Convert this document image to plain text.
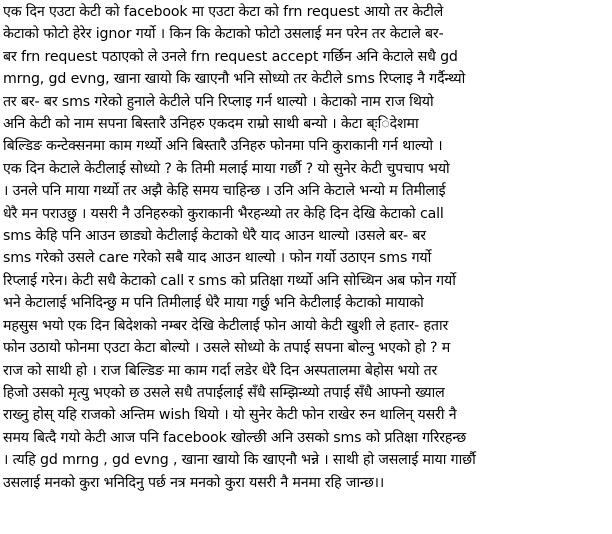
एक दिन एउटा केटी को facebook मा एउटा केटा को frn request आयो तर केटीले
केटाको फोटो हेरेर ignor गर्यो । किन कि केटाको फोटो उसलाई मन परेन तर केटाले बर-
बर frn request पठाएको ले उनले frn request accept गर्छिन अनि केटाले सधै gd
mrng, gd evng, खाना खायो कि खाएनौ भनि सोध्यो तर केटीले sms रिप्लाइ नै गर्दैन्थ्यो
तर बर- बर sms गरेको हुनाले केटीले पनि रिप्लाइ गर्न थाल्यो । केटाको नाम राज थियो
अनि केटी को नाम सपना बिस्तारै उनिहरु एकदम राम्रो साथी बन्यो । केटा ब्ःिदेशमा
बिल्डिङ कन्टेक्सनमा काम गर्थ्यो अनि बिस्तारै उनिहरु फोनमा पनि कुराकानी गर्न थाल्यो ।
एक दिन केटाले केटीलाई सोध्यो ? के तिमी मलाई माया गर्छौ ? यो सुनेर केटी चुपचाप भयो
। उनले पनि माया गर्थ्यो तर अझै केहि समय चाहिन्छ । उनि अनि केटाले भन्यो म तिमीलाई
धेरै मन पराउछु । यसरी नै उनिहरुको कुराकानी भैरहन्थ्यो तर केहि दिन देखि केटाको call
sms केहि पनि आउन छाड्यो केटीलाई केटाको धेरै याद आउन थाल्यो ।उसले बर- बर
sms गरेको उसले care गरेको सबै याद आउन थाल्यो । फोन गर्यो उठाएन sms गर्यो
रिप्लाई गरेन। केटी सधै केटाको call र sms को प्रतिक्षा गर्थ्यो अनि सोच्थिन अब फोन गर्यो
भने केटालाई भनिदिन्छु म पनि तिमीलाई धेरै माया गर्छु भनि केटीलाई केटाको मायाको
महसुस भयो एक दिन बिदेशको नम्बर देखि केटीलाई फोन आयो केटी खुशी ले हतार- हतार
फोन उठायो फोनमा एउटा केटा बोल्यो । उसले सोध्यो के तपाई सपना बोल्नु भएको हो ? म
राज को साथी हो । राज बिल्डिङ मा काम गर्दा लडेर धेरै दिन अस्पतालमा बेहोस भयो तर
हिजो उसको मृत्यु भएको छ उसले सधै तपाईलाई सँधै सम्झिन्थ्यो तपाई सँधै आफ्नो ख्याल
राख्नु होस् यहि राजको अन्तिम wish थियो । यो सुनेर केटी फोन राखेर रुन थालिन् यसरी नै
समय बित्दै गयो केटी आज पनि facebook खोल्छी अनि उसको sms को प्रतिक्षा गरिरहन्छ
। त्यहि gd mrng , gd evng , खाना खायो कि खाएनौ भन्ने । साथी हो जसलाई माया गार्छौ
उसलाई मनको कुरा भनिदिनु पर्छ नत्र मनको कुरा यसरी नै मनमा रहि जान्छ।।
